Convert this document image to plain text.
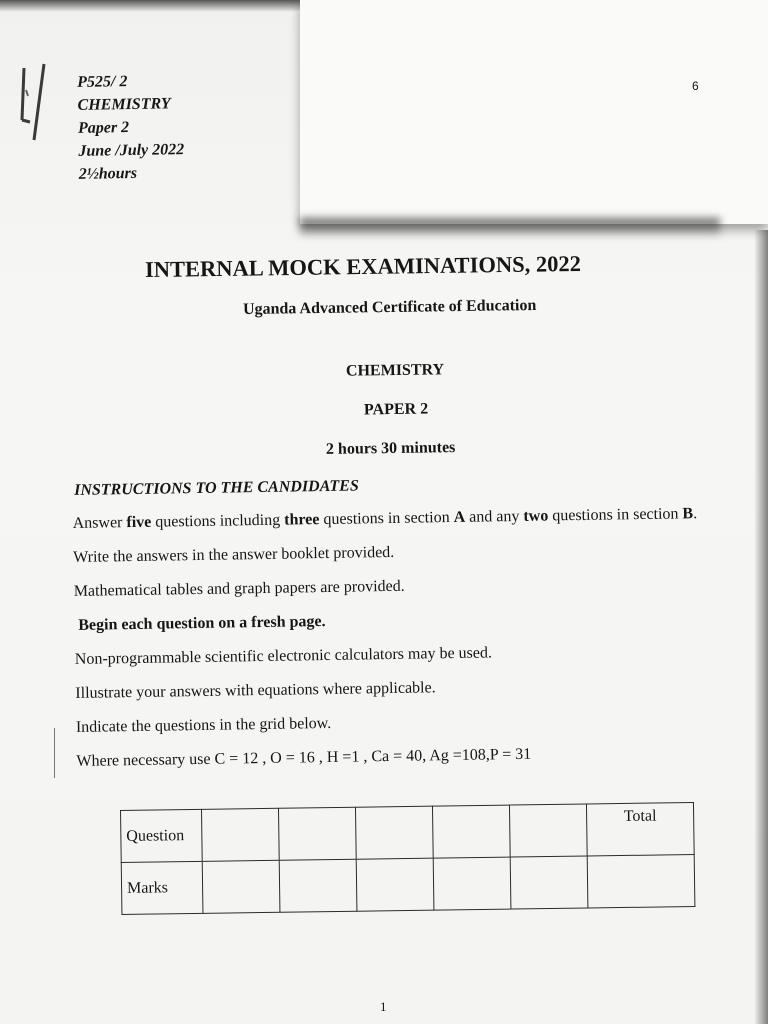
6
P525/ 2
CHEMISTRY
Paper 2
June /July 2022
2½hours
INTERNAL MOCK EXAMINATIONS, 2022
Uganda Advanced Certificate of Education
CHEMISTRY
PAPER 2
2 hours 30 minutes
INSTRUCTIONS TO THE CANDIDATES

Answer five questions including three questions in section A and any two questions in section B.

Write the answers in the answer booklet provided.

Mathematical tables and graph papers are provided.

Begin each question on a fresh page.

Non-programmable scientific electronic calculators may be used.

Illustrate your answers with equations where applicable.

Indicate the questions in the grid below.

Where necessary use C = 12 , O = 16 , H =1 , Ca = 40, Ag =108,P = 31

Question						Total
Marks						
1
